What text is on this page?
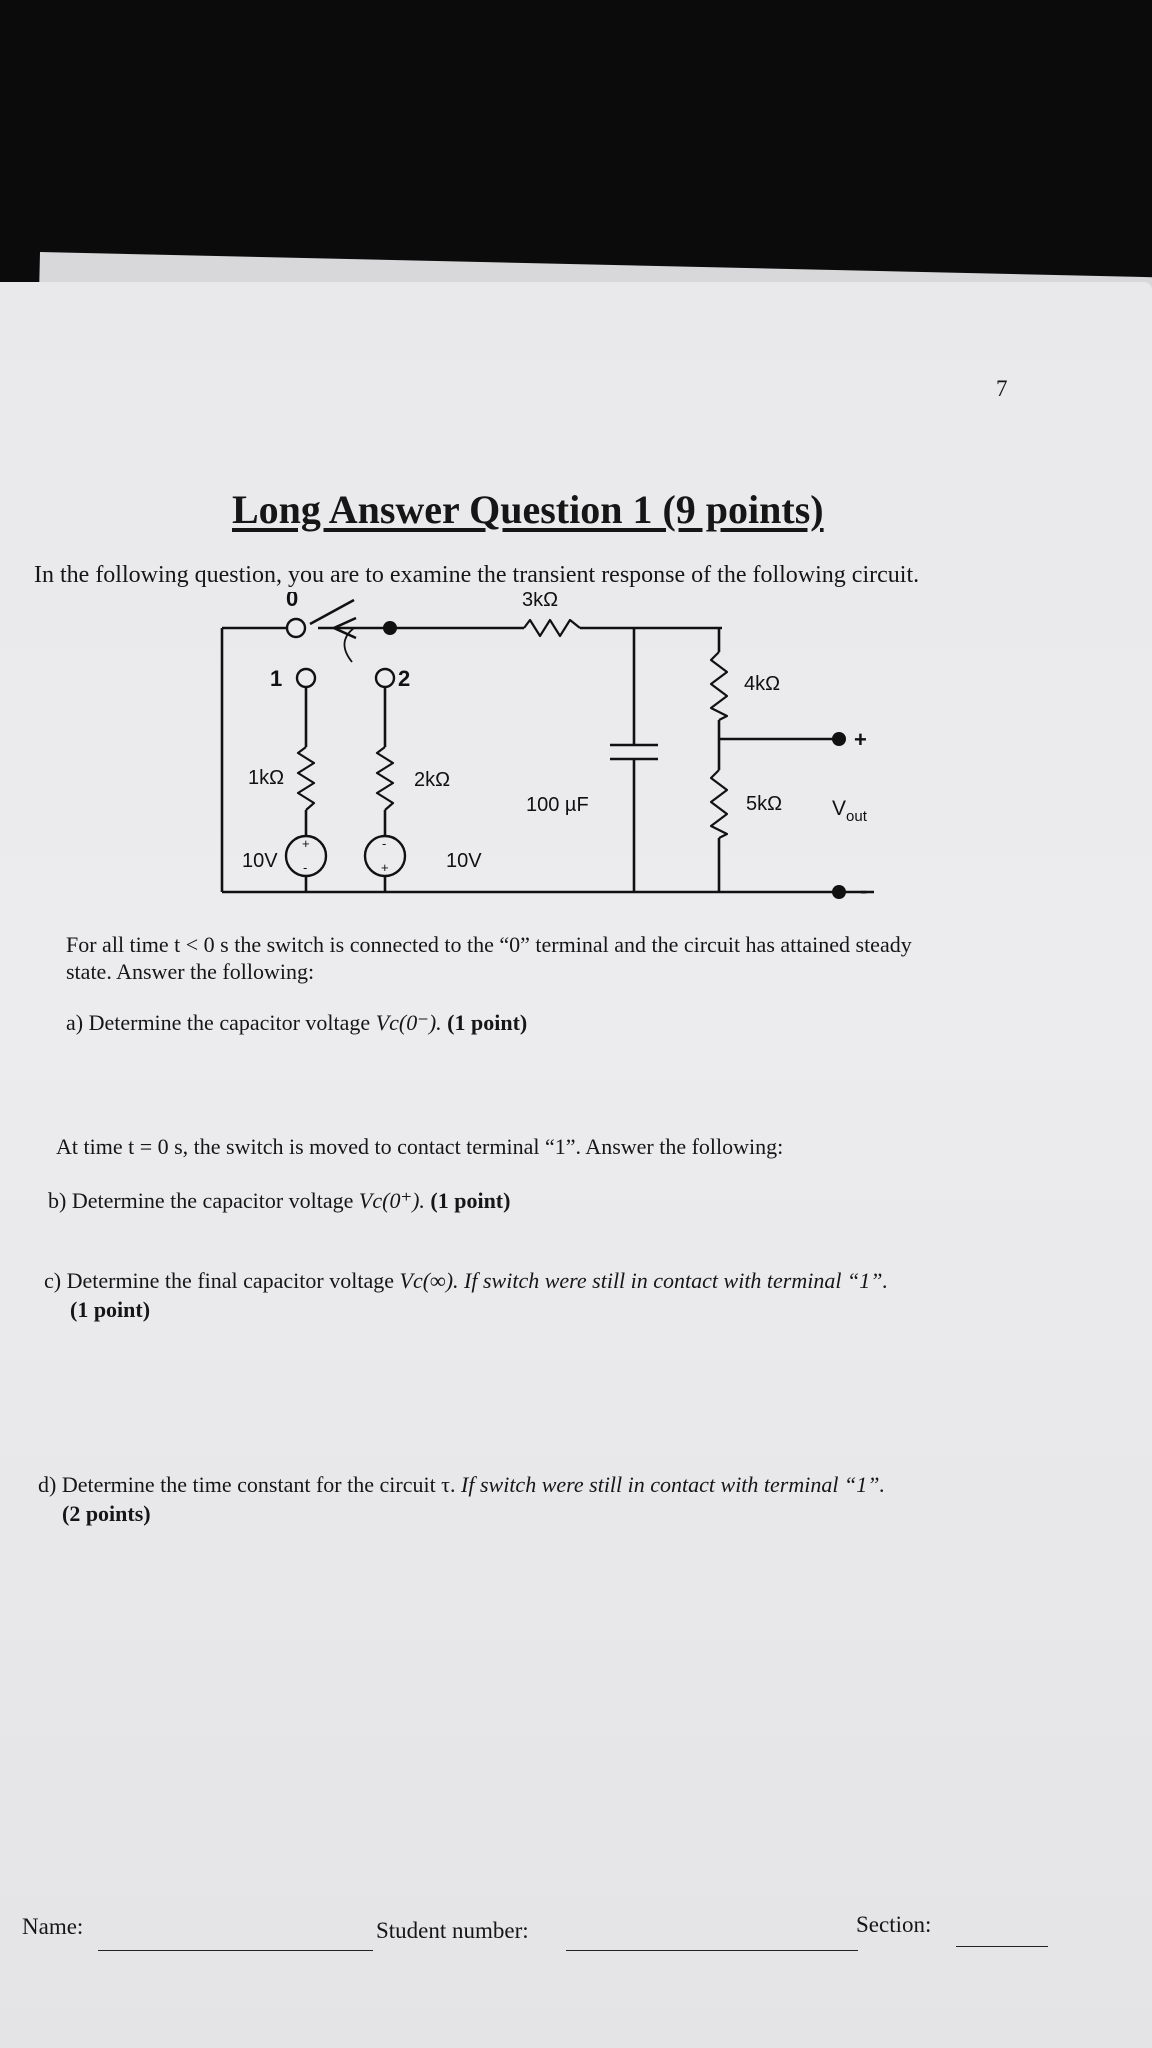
7
Long Answer Question 1 (9 points)
In the following question, you are to examine the transient response of the following circuit.
0
1	2
3kΩ
1kΩ	2kΩ
4kΩ
5kΩ
100 µF
10V	10V
+
-
-
+
+
-
$V_{out}$
For all time t < 0 s the switch is connected to the “0” terminal and the circuit has attained steady
state. Answer the following:
a) Determine the capacitor voltage Vc(0⁻). (1 point)
At time t = 0 s, the switch is moved to contact terminal “1”. Answer the following:
b) Determine the capacitor voltage Vc(0⁺). (1 point)
c) Determine the final capacitor voltage Vc(∞). If switch were still in contact with terminal “1”.
(1 point)
d) Determine the time constant for the circuit τ. If switch were still in contact with terminal “1”.
(2 points)
Name:	Student number:	Section:
